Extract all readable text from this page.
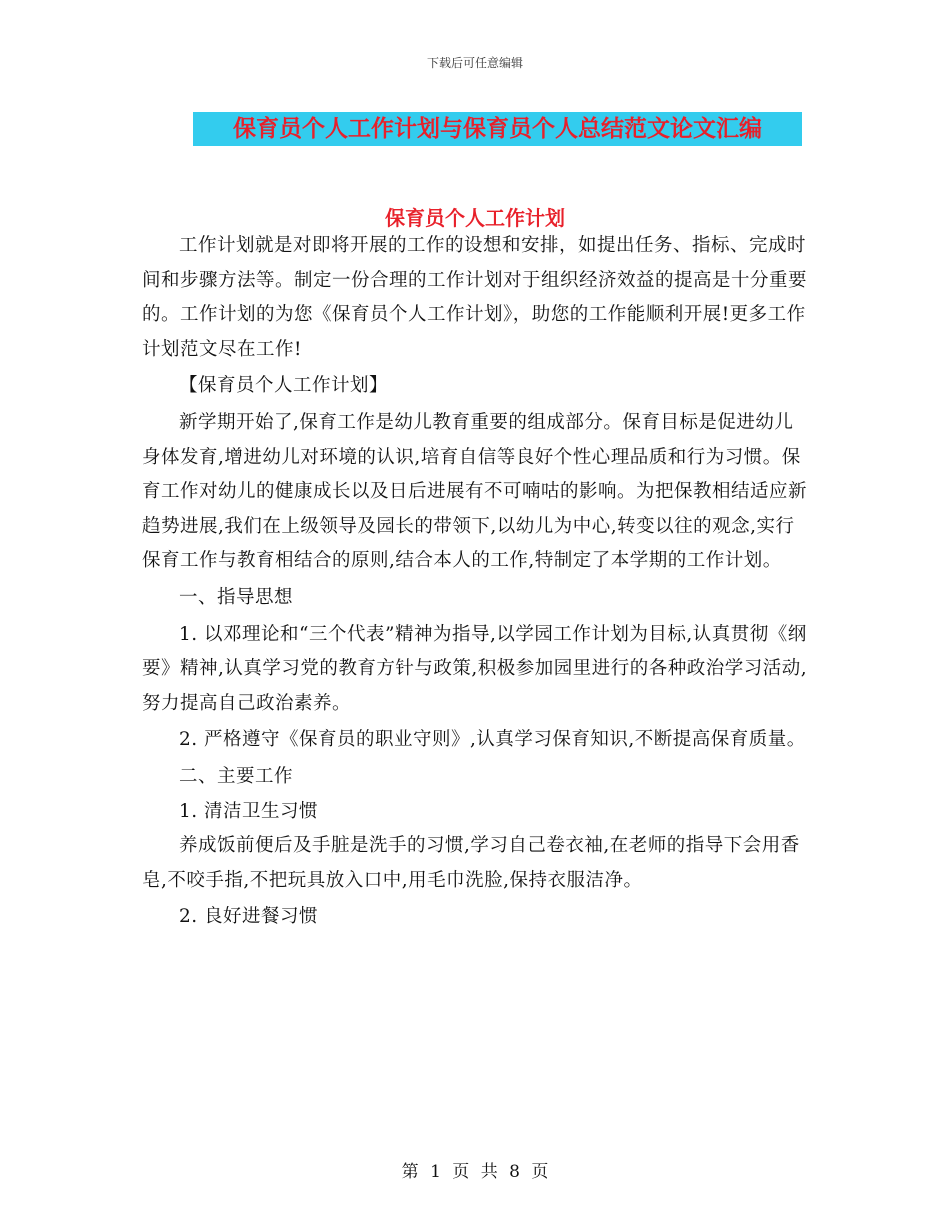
下载后可任意编辑
保育员个人工作计划与保育员个人总结范文论文汇编
保育员个人工作计划

工作计划就是对即将开展的工作的设想和安排，如提出任务、指标、完成时间和步骤方法等。制定一份合理的工作计划对于组织经济效益的提高是十分重要的。工作计划的为您《保育员个人工作计划》，助您的工作能顺利开展!更多工作计划范文尽在工作!

【保育员个人工作计划】

新学期开始了,保育工作是幼儿教育重要的组成部分。保育目标是促进幼儿身体发育,增进幼儿对环境的认识,培育自信等良好个性心理品质和行为习惯。保育工作对幼儿的健康成长以及日后进展有不可喃咕的影响。为把保教相结适应新趋势进展,我们在上级领导及园长的带领下,以幼儿为中心,转变以往的观念,实行保育工作与教育相结合的原则,结合本人的工作,特制定了本学期的工作计划。

一、指导思想

1. 以邓理论和“三个代表”精神为指导,以学园工作计划为目标,认真贯彻《纲要》精神,认真学习党的教育方针与政策,积极参加园里进行的各种政治学习活动,努力提高自己政治素养。

2. 严格遵守《保育员的职业守则》,认真学习保育知识,不断提高保育质量。

二、主要工作

1. 清洁卫生习惯

养成饭前便后及手脏是洗手的习惯,学习自己卷衣袖,在老师的指导下会用香皂,不咬手指,不把玩具放入口中,用毛巾洗脸,保持衣服洁净。

2. 良好进餐习惯

第 1 页 共 8 页
